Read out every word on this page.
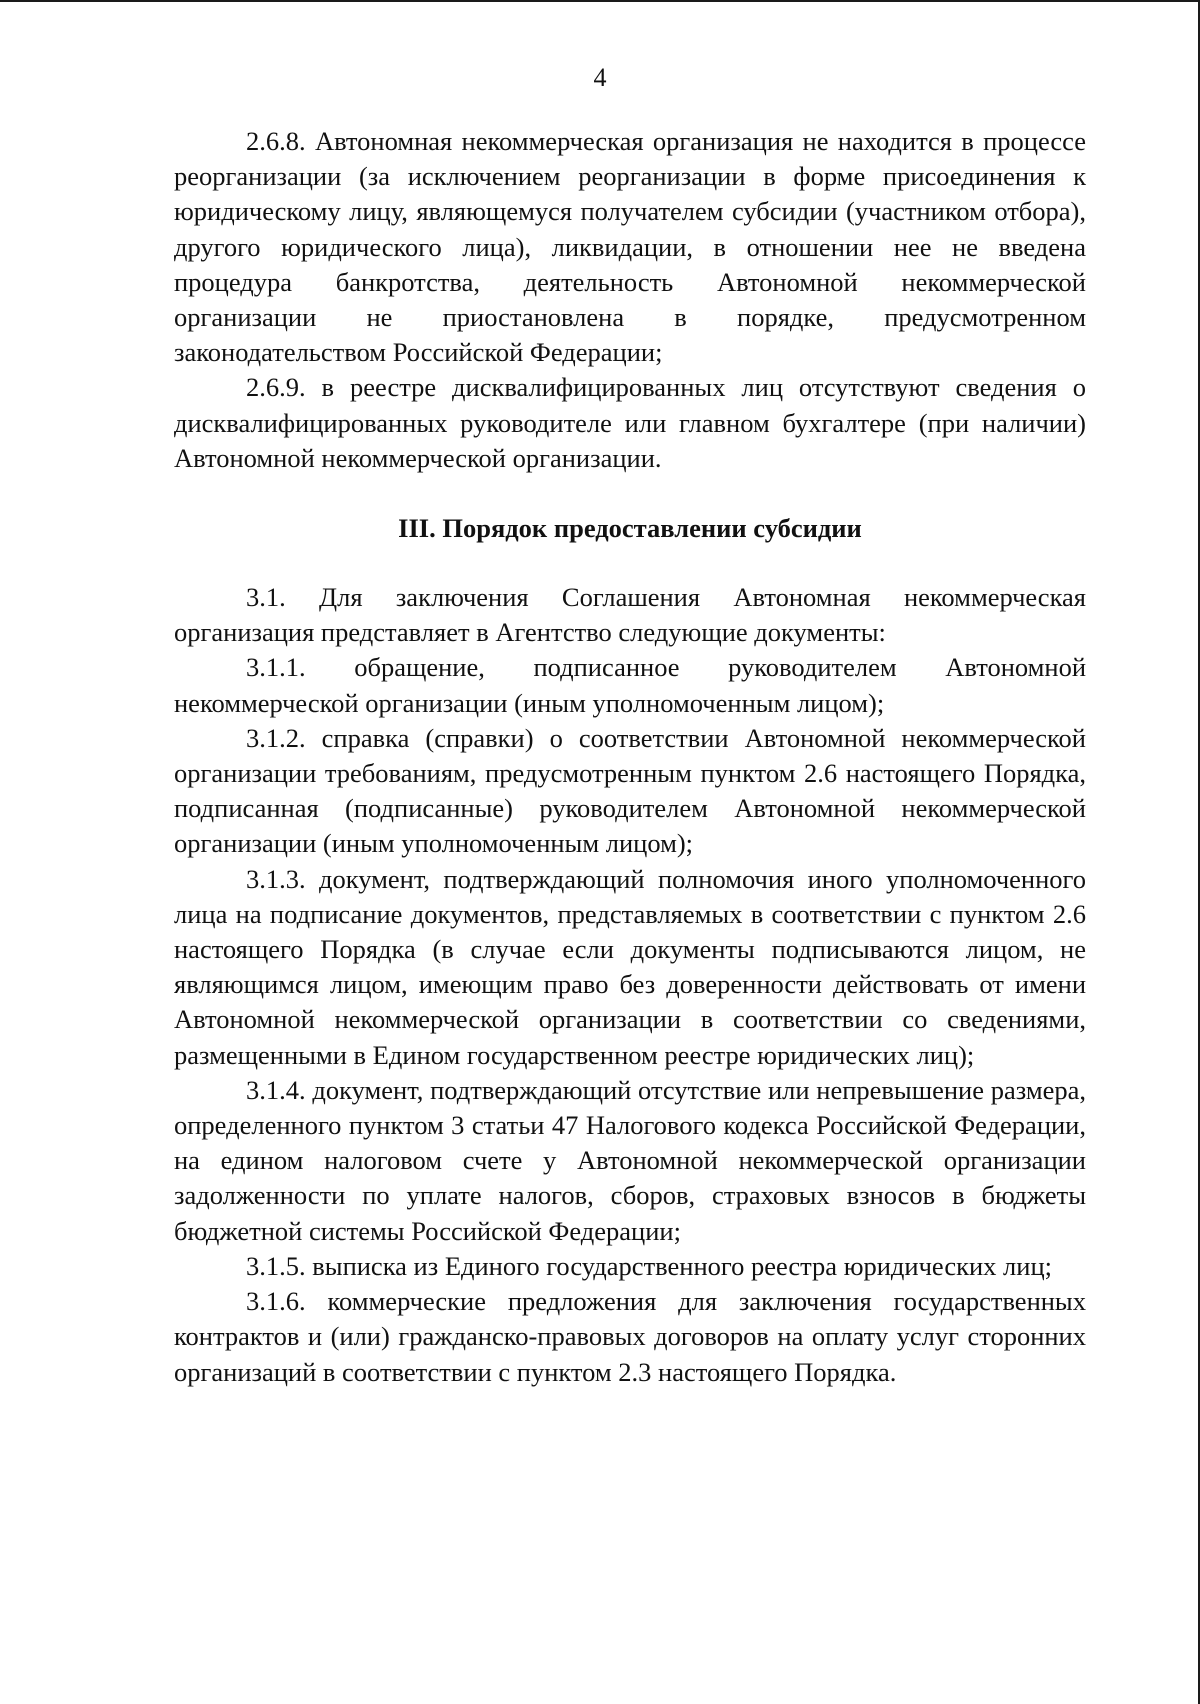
4

2.6.8. Автономная некоммерческая организация не находится в процессе реорганизации (за исключением реорганизации в форме присоединения к юридическому лицу, являющемуся получателем субсидии (участником отбора), другого юридического лица), ликвидации, в отношении нее не введена процедура банкротства, деятельность Автономной некоммерческой организации не приостановлена в порядке, предусмотренном законодательством Российской Федерации;

2.6.9. в реестре дисквалифицированных лиц отсутствуют сведения о дисквалифицированных руководителе или главном бухгалтере (при наличии) Автономной некоммерческой организации.

III. Порядок предоставлении субсидии

3.1. Для заключения Соглашения Автономная некоммерческая организация представляет в Агентство следующие документы:

3.1.1. обращение, подписанное руководителем Автономной некоммерческой организации (иным уполномоченным лицом);

3.1.2. справка (справки) о соответствии Автономной некоммерческой организации требованиям, предусмотренным пунктом 2.6 настоящего Порядка, подписанная (подписанные) руководителем Автономной некоммерческой организации (иным уполномоченным лицом);

3.1.3. документ, подтверждающий полномочия иного уполномоченного лица на подписание документов, представляемых в соответствии с пунктом 2.6 настоящего Порядка (в случае если документы подписываются лицом, не являющимся лицом, имеющим право без доверенности действовать от имени Автономной некоммерческой организации в соответствии со сведениями, размещенными в Едином государственном реестре юридических лиц);

3.1.4. документ, подтверждающий отсутствие или непревышение размера, определенного пунктом 3 статьи 47 Налогового кодекса Российской Федерации, на едином налоговом счете у Автономной некоммерческой организации задолженности по уплате налогов, сборов, страховых взносов в бюджеты бюджетной системы Российской Федерации;

3.1.5. выписка из Единого государственного реестра юридических лиц;

3.1.6. коммерческие предложения для заключения государственных контрактов и (или) гражданско-правовых договоров на оплату услуг сторонних организаций в соответствии с пунктом 2.3 настоящего Порядка.
